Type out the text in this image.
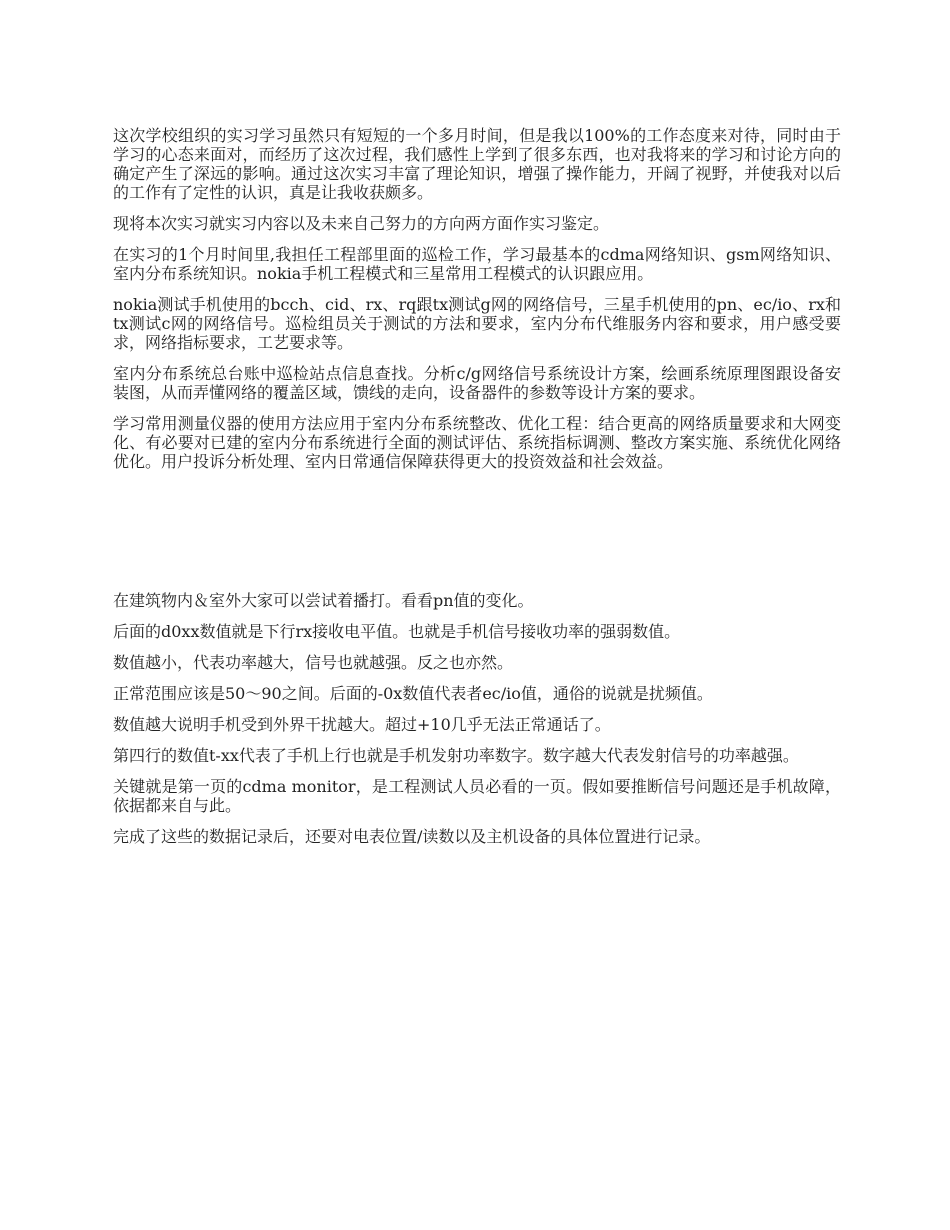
这次学校组织的实习学习虽然只有短短的一个多月时间，但是我以100%的工作态度来对待，同时由于学习的心态来面对，而经历了这次过程，我们感性上学到了很多东西，也对我将来的学习和讨论方向的确定产生了深远的影响。通过这次实习丰富了理论知识，增强了操作能力，开阔了视野，并使我对以后的工作有了定性的认识，真是让我收获颇多。

现将本次实习就实习内容以及未来自己努力的方向两方面作实习鉴定。

在实习的1个月时间里,我担任工程部里面的巡检工作，学习最基本的cdma网络知识、gsm网络知识、室内分布系统知识。nokia手机工程模式和三星常用工程模式的认识跟应用。

nokia测试手机使用的bcch、cid、rx、rq跟tx测试g网的网络信号，三星手机使用的pn、ec/io、rx和tx测试c网的网络信号。巡检组员关于测试的方法和要求，室内分布代维服务内容和要求，用户感受要求，网络指标要求，工艺要求等。

室内分布系统总台账中巡检站点信息查找。分析c/g网络信号系统设计方案，绘画系统原理图跟设备安装图，从而弄懂网络的覆盖区域，馈线的走向，设备器件的参数等设计方案的要求。

学习常用测量仪器的使用方法应用于室内分布系统整改、优化工程：结合更高的网络质量要求和大网变化、有必要对已建的室内分布系统进行全面的测试评估、系统指标调测、整改方案实施、系统优化网络优化。用户投诉分析处理、室内日常通信保障获得更大的投资效益和社会效益。

在建筑物内＆室外大家可以尝试着播打。看看pn值的变化。

后面的d0xx数值就是下行rx接收电平值。也就是手机信号接收功率的强弱数值。

数值越小，代表功率越大，信号也就越强。反之也亦然。

正常范围应该是50～90之间。后面的-0x数值代表者ec/io值，通俗的说就是扰频值。

数值越大说明手机受到外界干扰越大。超过+10几乎无法正常通话了。

第四行的数值t-xx代表了手机上行也就是手机发射功率数字。数字越大代表发射信号的功率越强。

关键就是第一页的cdma monitor，是工程测试人员必看的一页。假如要推断信号问题还是手机故障，依据都来自与此。

完成了这些的数据记录后，还要对电表位置/读数以及主机设备的具体位置进行记录。
